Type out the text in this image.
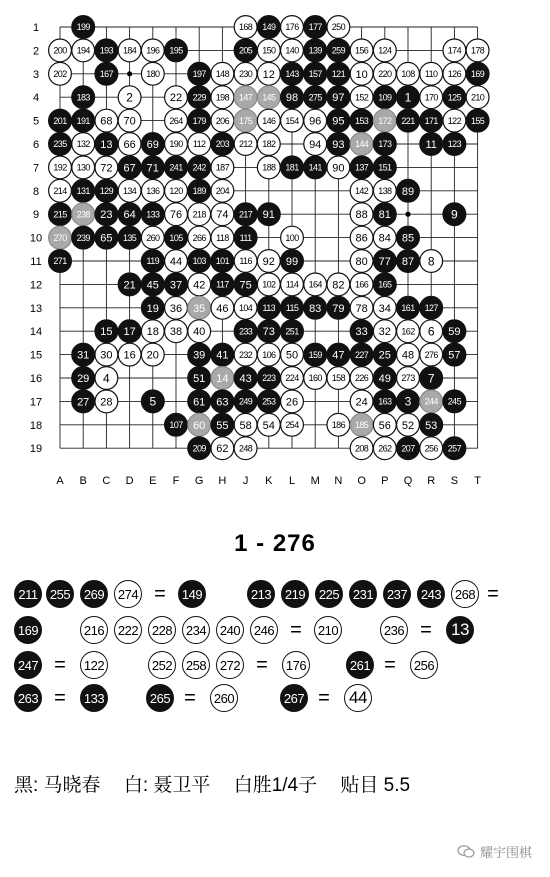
1
2
3
4
5
6
7
8
9
10
11
12
13
14
15
16
17
18
19
A B C D E F G H J K L M N O P Q R S T
199	168 149 176 177 250
200 194 193 184 196 195	205 150 140 139 259 156 124	174 178
202	167	180	197 148 230 12 143 157 121 10 220 108 110 126 169
183	2	22 229 198 147 145 98 275 97 152 109 1 170 125 210
201 191 68 70	264 179 206 175 146 154 96 95 153 172 221 171 122 155
235 132 13 66 69 190 112 203 212 182	94 93 144 173	11 123
192 130 72 67 71 241 242 187	188 181 141 90 137 151
214 131 129 134 136 120 189 204	142 138 89
215 238 23 64 133 76 218 74 217 91	88 81	9
270 239 65 135 260 105 266 118 111	100	86 84 85
271	119 44 103 101 116 92 99	80 77 87 8
21 45 37 42 117 75 102 114 164 82 166 165
19 36 35 46 104 113 115 83 79 78 34 161 127
15 17 18 38 40	233 73 251	33 32 162 6 59
31 30 16 20	39 41 232 106 50 159 47 227 25 48 276 57
29 4	51 14 43 223 224 160 158 226 49 273 7
27 28	5	61 63 249 253 26	24 163 3 244 245
107 60 55 58 54 254	186 185 56 52 53
209 62 248	208 262 207 256 257
1 - 276
211 255	269	274 = 149	213	219	225	231	237	243	268 =
169	216	222	228	234	240	246 = 210	236 = 13
247 = 122	252	258	272 = 176	261 = 256
263 = 133	265 = 260	267 = 44
黑: 马晓春 白: 聂卫平 白胜1/4子 贴目 5.5
耀宇围棋
